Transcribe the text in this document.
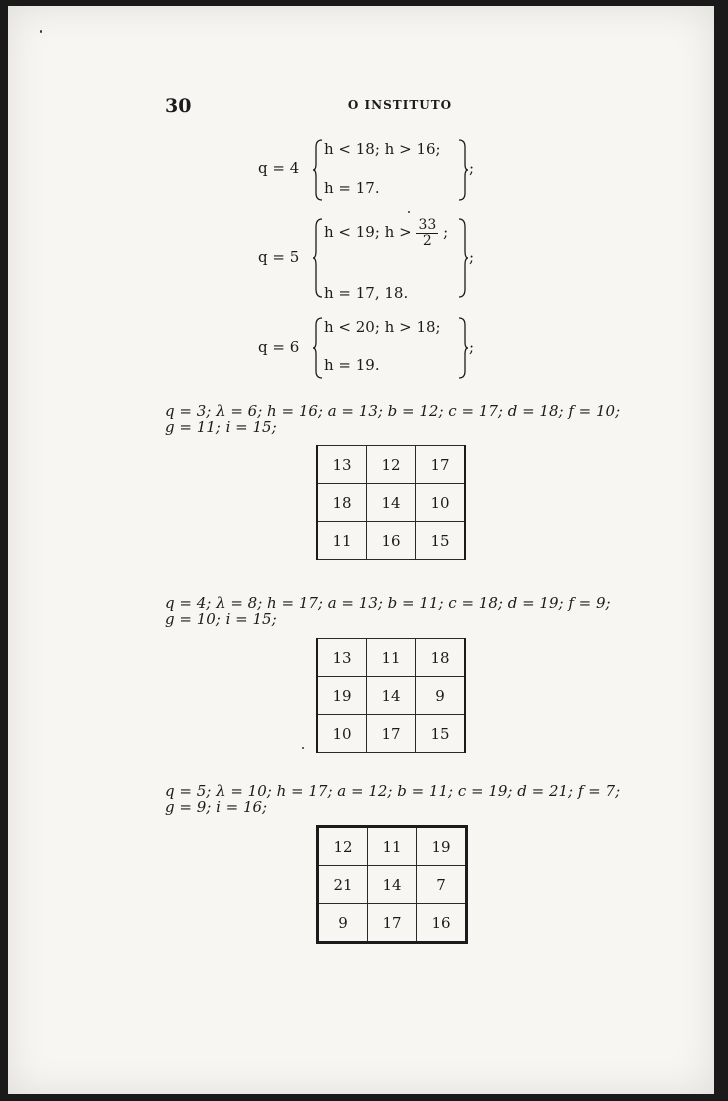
30	O INSTITUTO
q = 4
h < 18; h > 16;
h = 17.
;
q = 5
h < 19; $h > \frac{33}{2}$ ;
h = 17, 18.
;
q = 6
h < 20; h > 18;
h = 19.
;
q = 3; λ = 6; h = 16; a = 13; b = 12; c = 17; d = 18; f = 10;
g = 11; i = 15;
13	12	17
18	14	10
11	16	15
q = 4; λ = 8; h = 17; a = 13; b = 11; c = 18; d = 19; f = 9;
g = 10; i = 15;
13	11	18
19	14	9
10	17	15
q = 5; λ = 10; h = 17; a = 12; b = 11; c = 19; d = 21; f = 7;
g = 9; i = 16;
12	11	19
21	14	7
9	17	16
